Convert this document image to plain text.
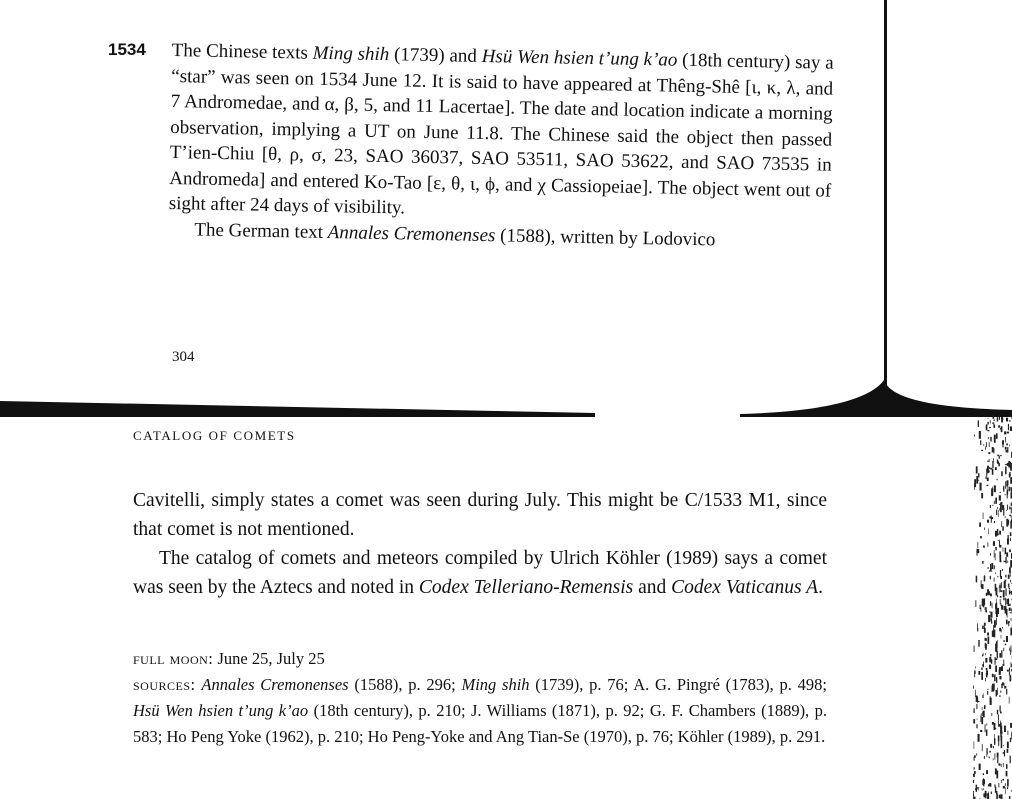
1534 The Chinese texts Ming shih (1739) and Hsü Wen hsien t’ung k’ao (18th century) say a “star” was seen on 1534 June 12. It is said to have appeared at Thêng-Shê [ι, κ, λ, and 7 Andromedae, and α, β, 5, and 11 Lacertae]. The date and location indicate a morning observation, implying a UT on June 11.8. The Chinese said the object then passed T’ien-Chiu [θ, ρ, σ, 23, SAO 36037, SAO 53511, SAO 53622, and SAO 73535 in Andromeda] and entered Ko-Tao [ε, θ, ι, ϕ, and χ Cassiopeiae]. The object went out of sight after 24 days of visibility.

The German text Annales Cremonenses (1588), written by Lodovico

304
CATALOG OF COMETS

Cavitelli, simply states a comet was seen during July. This might be C/1533 M1, since that comet is not mentioned.

The catalog of comets and meteors compiled by Ulrich Köhler (1989) says a comet was seen by the Aztecs and noted in Codex Telleriano-Remensis and Codex Vaticanus A.

full moon: June 25, July 25

sources: Annales Cremonenses (1588), p. 296; Ming shih (1739), p. 76; A. G. Pingré (1783), p. 498; Hsü Wen hsien t’ung k’ao (18th century), p. 210; J. Williams (1871), p. 92; G. F. Chambers (1889), p. 583; Ho Peng Yoke (1962), p. 210; Ho Peng-Yoke and Ang Tian-Se (1970), p. 76; Köhler (1989), p. 291.
